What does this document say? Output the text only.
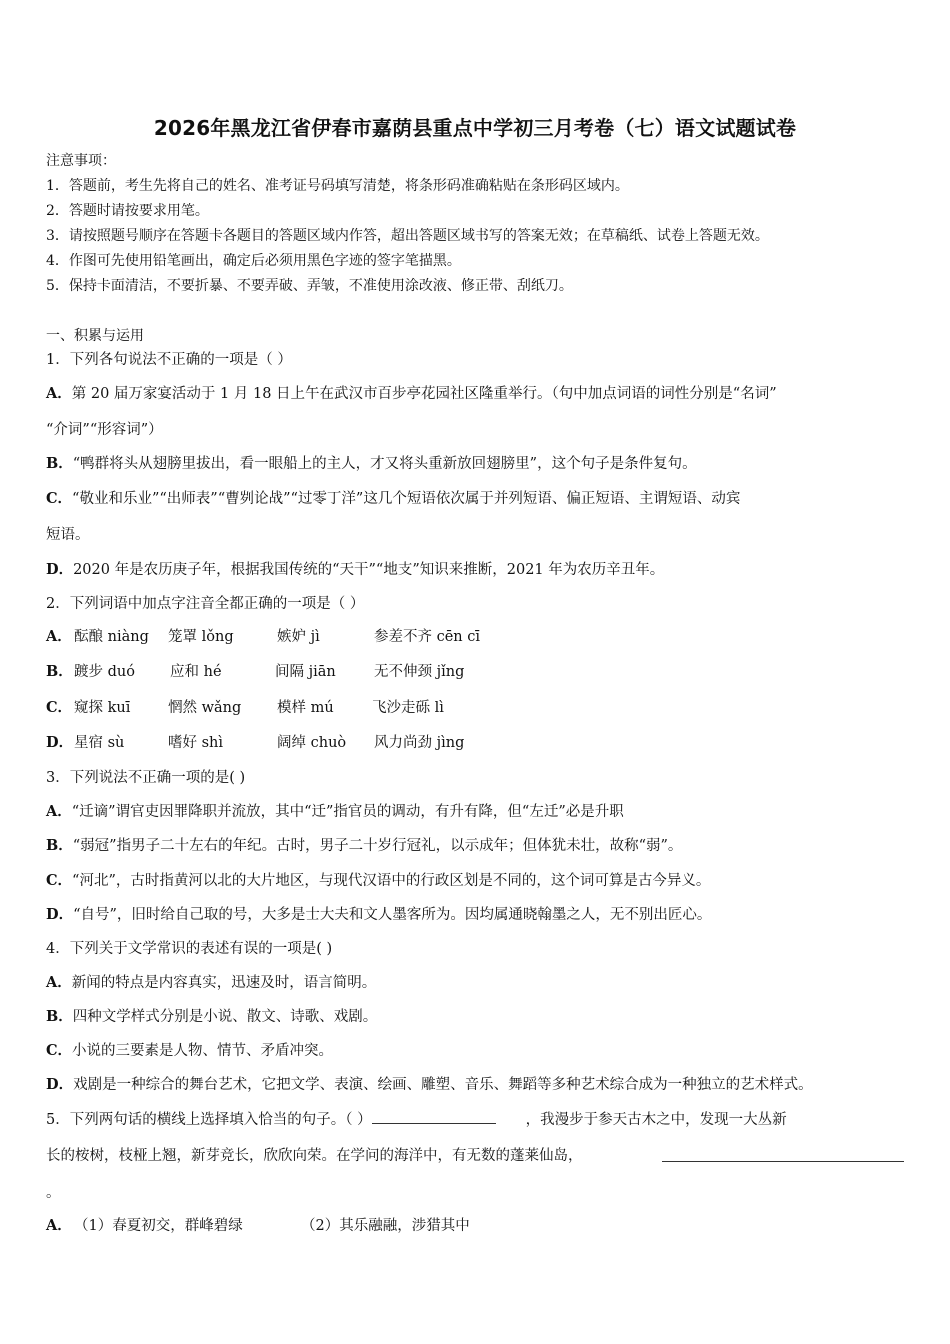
2026年黑龙江省伊春市嘉荫县重点中学初三月考卷（七）语文试题试卷
注意事项：
1．答题前，考生先将自己的姓名、准考证号码填写清楚，将条形码准确粘贴在条形码区域内。
2．答题时请按要求用笔。
3．请按照题号顺序在答题卡各题目的答题区域内作答，超出答题区域书写的答案无效；在草稿纸、试卷上答题无效。
4．作图可先使用铅笔画出，确定后必须用黑色字迹的签字笔描黑。
5．保持卡面清洁，不要折暴、不要弄破、弄皱，不准使用涂改液、修正带、刮纸刀。
一、积累与运用
1．下列各句说法不正确的一项是（ ）
A．第 20 届万家宴活动于 1 月 18 日上午在武汉市百步亭花园社区隆重举行。（句中加点词语的词性分别是“名词”
“介词”“形容词”）
B．“鸭群将头从翅膀里拔出，看一眼船上的主人，才又将头重新放回翅膀里”，这个句子是条件复句。
C．“敬业和乐业”“出师表”“曹刿论战”“过零丁洋”这几个短语依次属于并列短语、偏正短语、主谓短语、动宾
短语。
D．2020 年是农历庚子年，根据我国传统的“天干”“地支”知识来推断，2021 年为农历辛丑年。
2．下列词语中加点字注音全都正确的一项是（ ）
A． 酝酿 niàng 笼罩 lǒng	嫉妒 jì	参差不齐 cēn cī
B． 踱步 duó 应和 hé	间隔 jiān	无不伸颈 jǐng
C． 窥探 kuī	惘然 wǎng 模样 mú	飞沙走砾 lì
D． 星宿 sù	嗜好 shì	阔绰 chuò 风力尚劲 jìng
3．下列说法不正确一项的是( )
A．“迁谪”谓官吏因罪降职并流放，其中“迁”指官员的调动，有升有降，但“左迁”必是升职
B．“弱冠”指男子二十左右的年纪。古时，男子二十岁行冠礼，以示成年；但体犹未壮，故称“弱”。
C．“河北”，古时指黄河以北的大片地区，与现代汉语中的行政区划是不同的，这个词可算是古今异义。
D．“自号”，旧时给自己取的号，大多是士大夫和文人墨客所为。因均属通晓翰墨之人，无不别出匠心。
4．下列关于文学常识的表述有误的一项是( )
A．新闻的特点是内容真实，迅速及时，语言简明。
B．四种文学样式分别是小说、散文、诗歌、戏剧。
C．小说的三要素是人物、情节、矛盾冲突。
D．戏剧是一种综合的舞台艺术，它把文学、表演、绘画、雕塑、音乐、舞蹈等多种艺术综合成为一种独立的艺术样式。
5．下列两句话的横线上选择填入恰当的句子。（ ）	，我漫步于参天古木之中，发现一大丛新
长的桉树，枝桠上翘，新芽竞长，欣欣向荣。在学问的海洋中，有无数的蓬莱仙岛，
。
A． （1）春夏初交，群峰碧绿	（2）其乐融融，涉猎其中
